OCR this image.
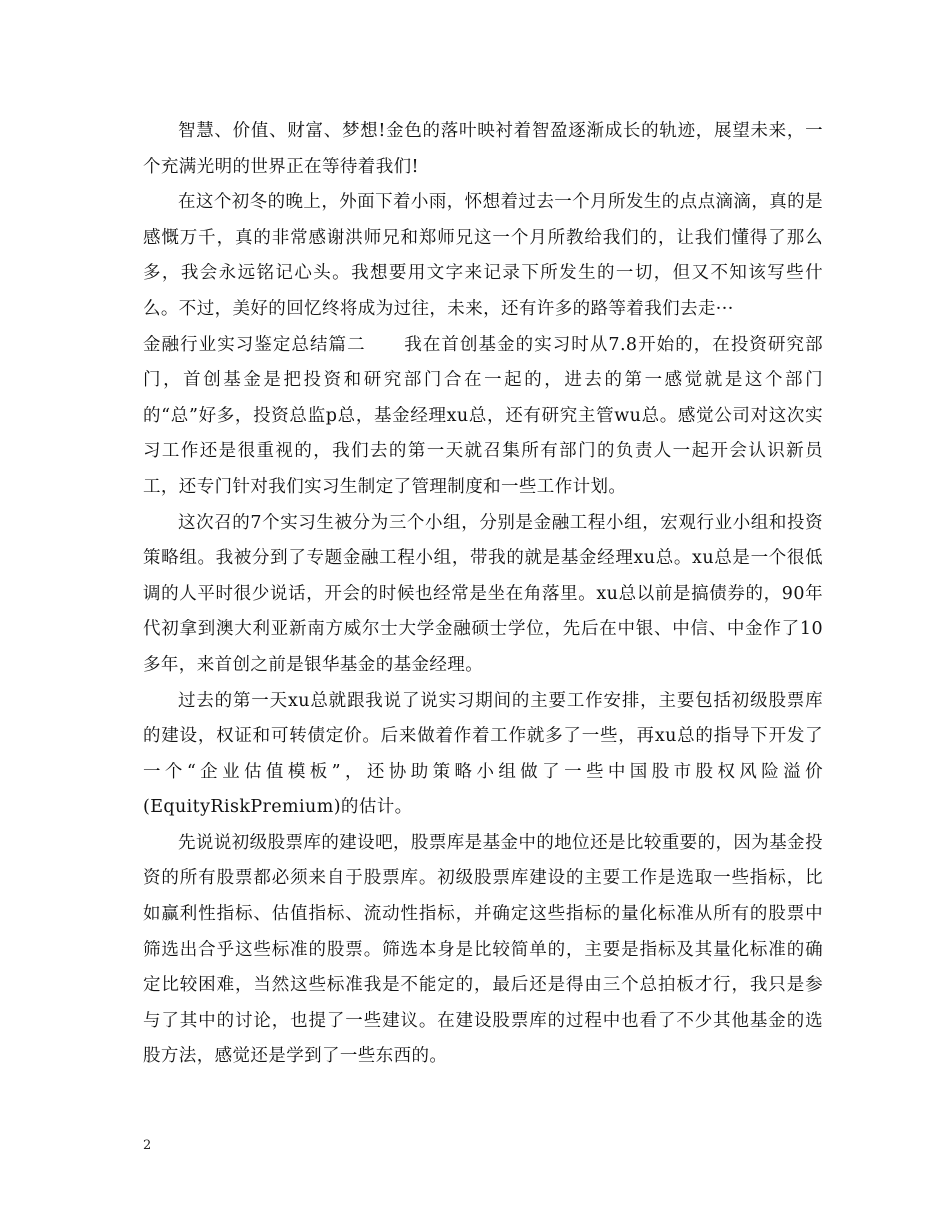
智慧、价值、财富、梦想!金色的落叶映衬着智盈逐渐成长的轨迹，展望未来，一个充满光明的世界正在等待着我们!

在这个初冬的晚上，外面下着小雨，怀想着过去一个月所发生的点点滴滴，真的是感慨万千，真的非常感谢洪师兄和郑师兄这一个月所教给我们的，让我们懂得了那么多，我会永远铭记心头。我想要用文字来记录下所发生的一切，但又不知该写些什么。不过，美好的回忆终将成为过往，未来，还有许多的路等着我们去走···

金融行业实习鉴定总结篇二 我在首创基金的实习时从7.8开始的，在投资研究部门，首创基金是把投资和研究部门合在一起的，进去的第一感觉就是这个部门的“总”好多，投资总监p总，基金经理xu总，还有研究主管wu总。感觉公司对这次实习工作还是很重视的，我们去的第一天就召集所有部门的负责人一起开会认识新员工，还专门针对我们实习生制定了管理制度和一些工作计划。

这次召的7个实习生被分为三个小组，分别是金融工程小组，宏观行业小组和投资策略组。我被分到了专题金融工程小组，带我的就是基金经理xu总。xu总是一个很低调的人平时很少说话，开会的时候也经常是坐在角落里。xu总以前是搞债券的，90年代初拿到澳大利亚新南方威尔士大学金融硕士学位，先后在中银、中信、中金作了10多年，来首创之前是银华基金的基金经理。

过去的第一天xu总就跟我说了说实习期间的主要工作安排，主要包括初级股票库的建设，权证和可转债定价。后来做着作着工作就多了一些，再xu总的指导下开发了一个“企业估值模板”，还协助策略小组做了一些中国股市股权风险溢价(EquityRiskPremium)的估计。

先说说初级股票库的建设吧，股票库是基金中的地位还是比较重要的，因为基金投资的所有股票都必须来自于股票库。初级股票库建设的主要工作是选取一些指标，比如赢利性指标、估值指标、流动性指标，并确定这些指标的量化标准从所有的股票中筛选出合乎这些标准的股票。筛选本身是比较简单的，主要是指标及其量化标准的确定比较困难，当然这些标准我是不能定的，最后还是得由三个总拍板才行，我只是参与了其中的讨论，也提了一些建议。在建设股票库的过程中也看了不少其他基金的选股方法，感觉还是学到了一些东西的。

2
